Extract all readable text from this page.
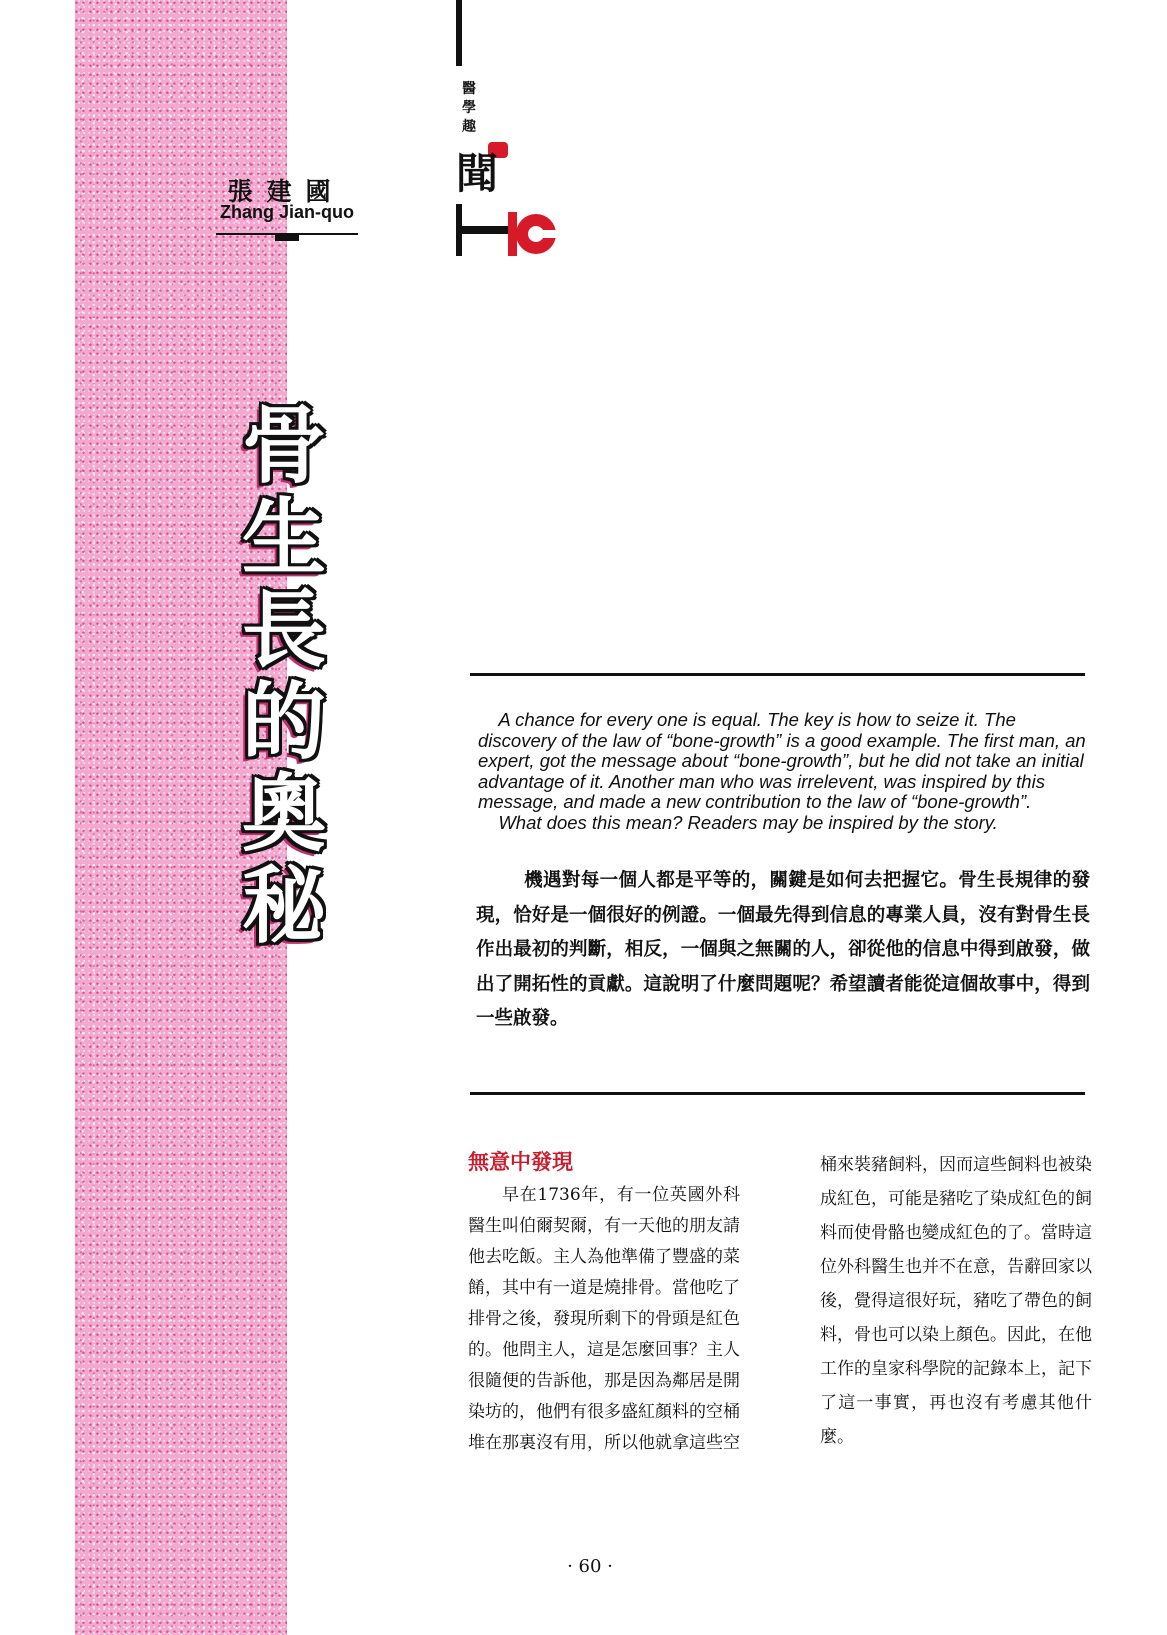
張建國
Zhang Jian-quo
醫
學
趣
聞
骨
生
長
的
奧
秘

A chance for every one is equal. The key is how to seize it. The discovery of the law of “bone-growth” is a good example. The first man, an expert, got the message about “bone-growth”, but he did not take an initial advantage of it. Another man who was irrelevent, was inspired by this message, and made a new contribution to the law of “bone-growth”.

What does this mean? Readers may be inspired by the story.

機遇對每一個人都是平等的，關鍵是如何去把握它。骨生長規律的發現，恰好是一個很好的例證。一個最先得到信息的專業人員，沒有對骨生長作出最初的判斷，相反，一個與之無關的人，卻從他的信息中得到啟發，做出了開拓性的貢獻。這說明了什麼問題呢？希望讀者能從這個故事中，得到一些啟發。
無意中發現
早在1736年，有一位英國外科醫生叫伯爾契爾，有一天他的朋友請他去吃飯。主人為他準備了豐盛的菜餚，其中有一道是燒排骨。當他吃了排骨之後，發現所剩下的骨頭是紅色的。他問主人，這是怎麼回事？主人很隨便的告訴他，那是因為鄰居是開染坊的，他們有很多盛紅顏料的空桶堆在那裏沒有用，所以他就拿這些空
桶來裝豬飼料，因而這些飼料也被染成紅色，可能是豬吃了染成紅色的飼料而使骨骼也變成紅色的了。當時這位外科醫生也并不在意，告辭回家以後，覺得這很好玩，豬吃了帶色的飼料，骨也可以染上顏色。因此，在他工作的皇家科學院的記錄本上，記下了這一事實，再也沒有考慮其他什麼。
· 60 ·
